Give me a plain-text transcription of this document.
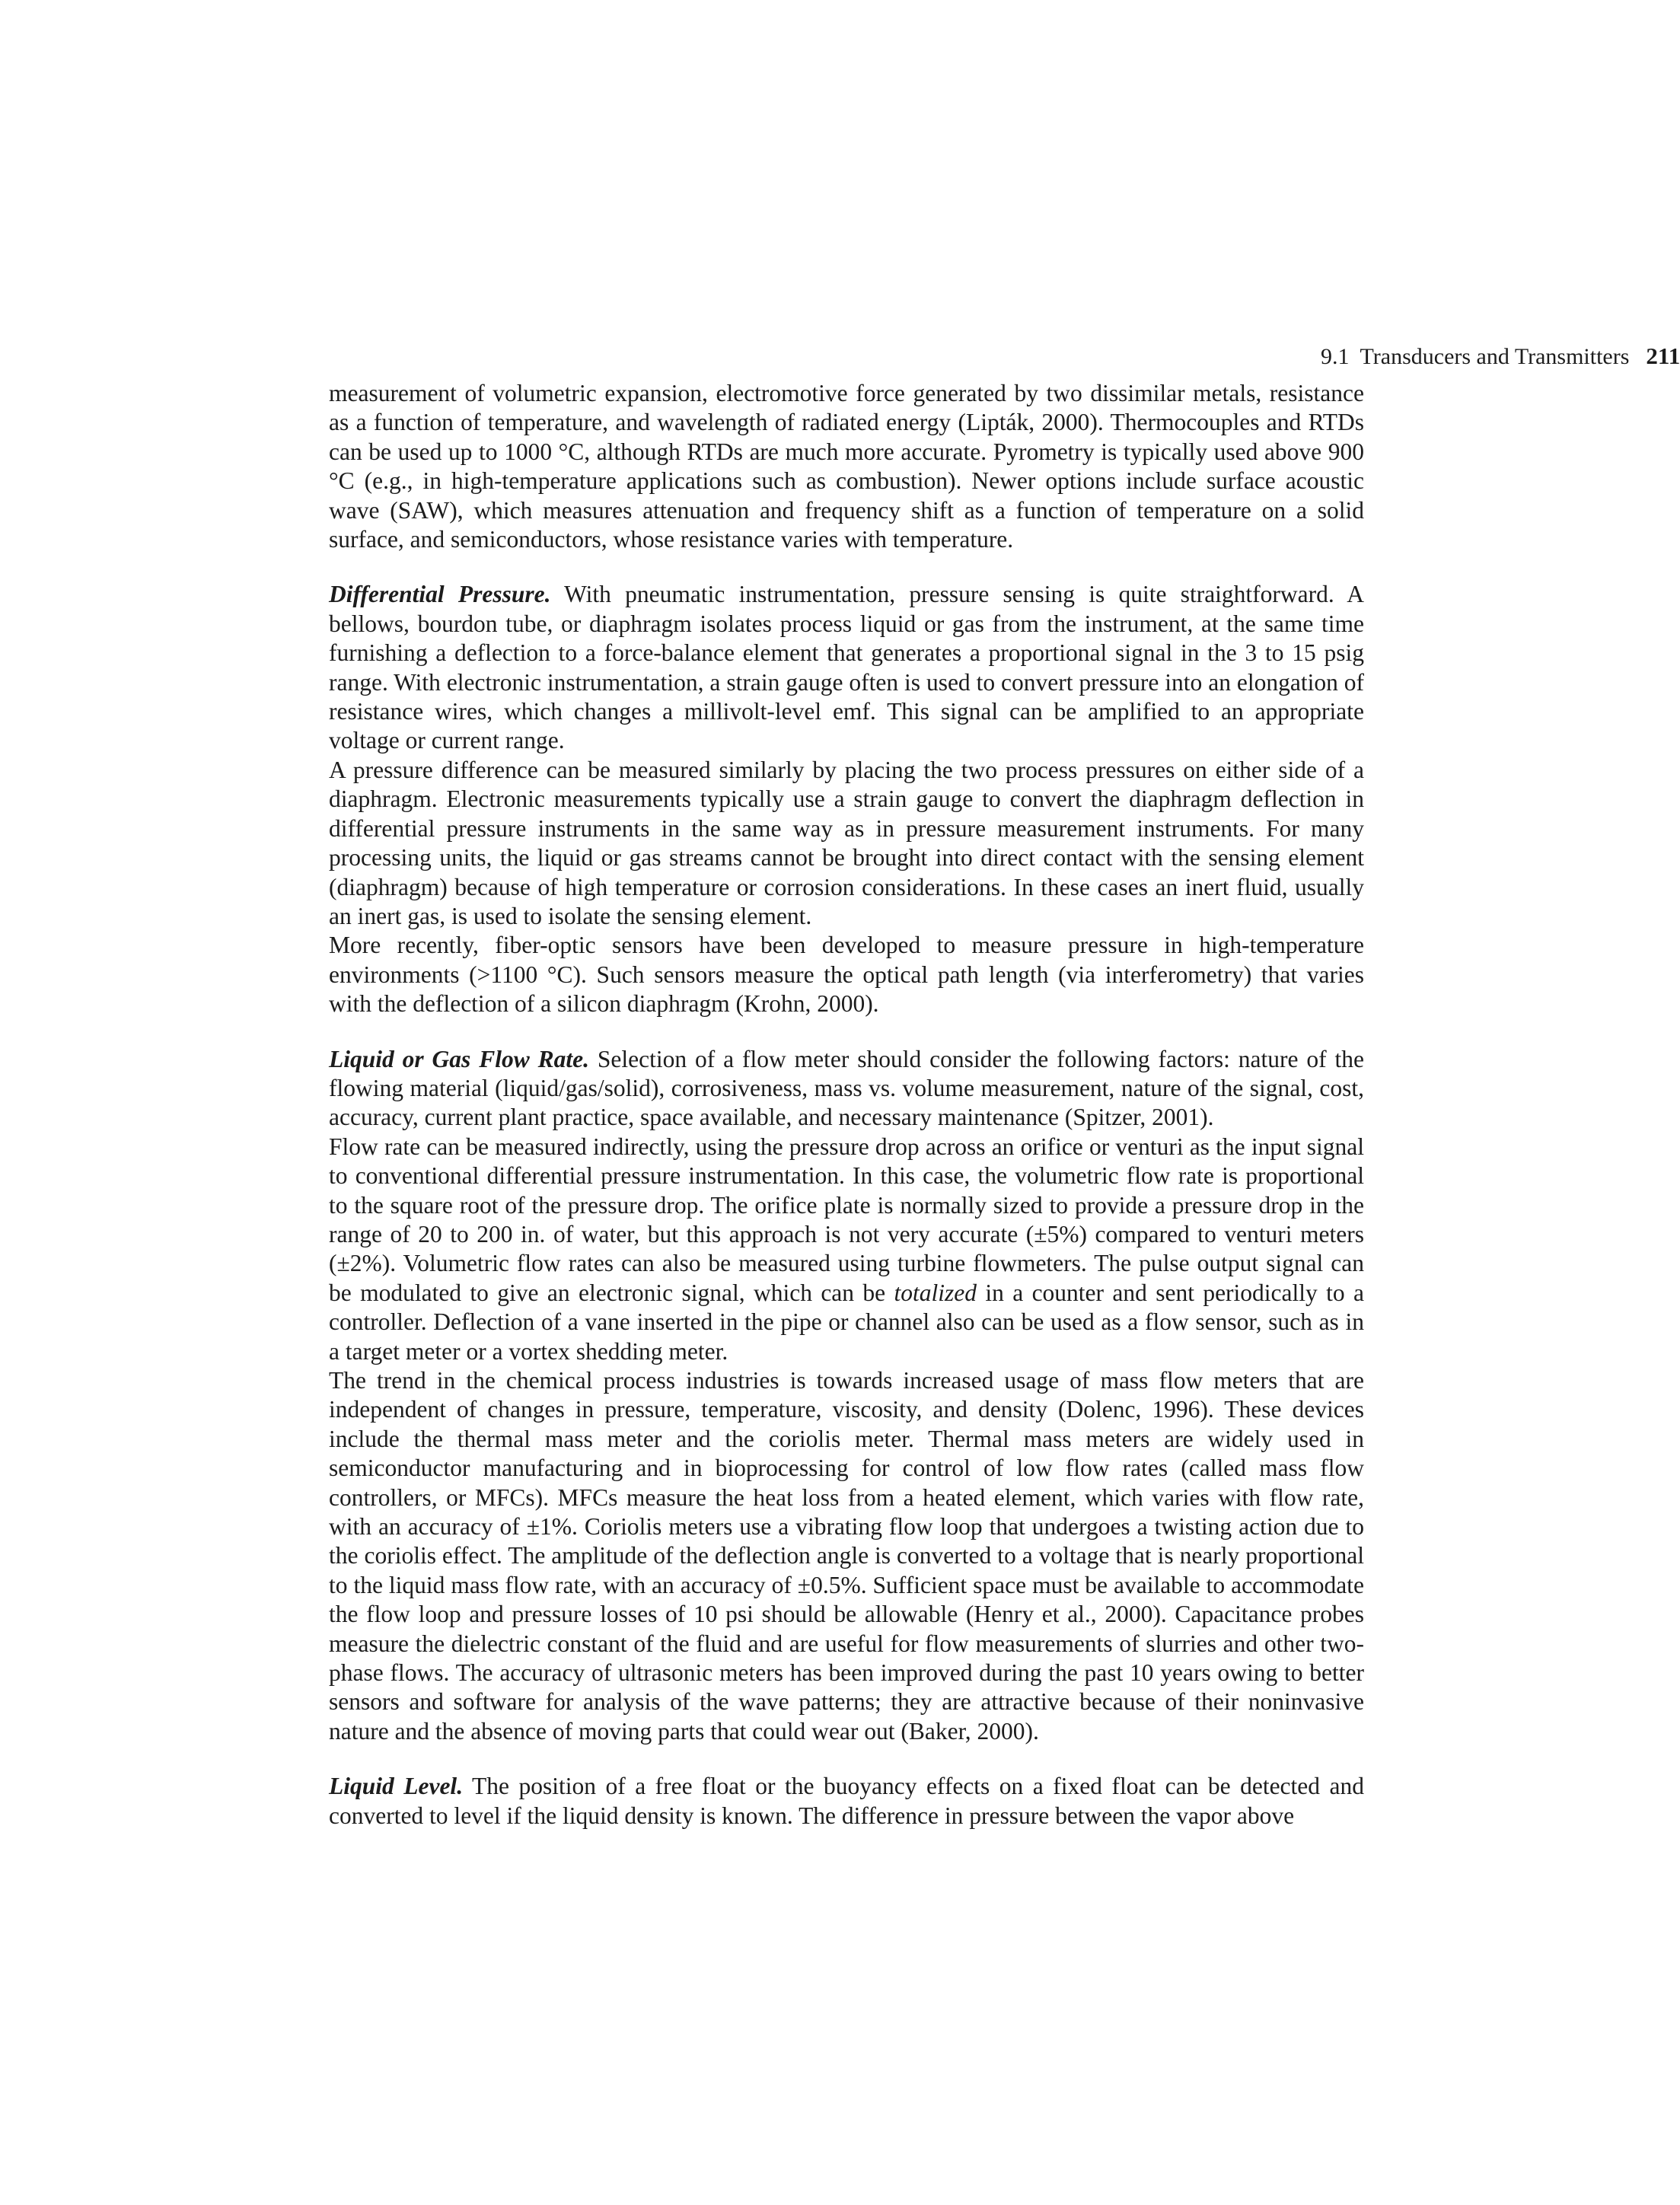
9.1 Transducers and Transmitters 211

measurement of volumetric expansion, electromotive force generated by two dissimilar metals, resistance as a function of temperature, and wavelength of radiated energy (Lipták, 2000). Thermocouples and RTDs can be used up to 1000 °C, although RTDs are much more accurate. Pyrometry is typically used above 900 °C (e.g., in high-temperature applications such as combustion). Newer options include surface acoustic wave (SAW), which measures attenuation and frequency shift as a function of temperature on a solid surface, and semiconductors, whose resistance varies with temperature.

Differential Pressure. With pneumatic instrumentation, pressure sensing is quite straightforward. A bellows, bourdon tube, or diaphragm isolates process liquid or gas from the instrument, at the same time furnishing a deflection to a force-balance element that generates a proportional signal in the 3 to 15 psig range. With electronic instrumentation, a strain gauge often is used to convert pressure into an elongation of resistance wires, which changes a millivolt-level emf. This signal can be amplified to an appropriate voltage or current range.

A pressure difference can be measured similarly by placing the two process pressures on either side of a diaphragm. Electronic measurements typically use a strain gauge to convert the diaphragm deflection in differential pressure instruments in the same way as in pressure measurement instruments. For many processing units, the liquid or gas streams cannot be brought into direct contact with the sensing element (diaphragm) because of high temperature or corrosion considerations. In these cases an inert fluid, usually an inert gas, is used to isolate the sensing element.

More recently, fiber-optic sensors have been developed to measure pressure in high-temperature environments (>1100 °C). Such sensors measure the optical path length (via interferometry) that varies with the deflection of a silicon diaphragm (Krohn, 2000).

Liquid or Gas Flow Rate. Selection of a flow meter should consider the following factors: nature of the flowing material (liquid/gas/solid), corrosiveness, mass vs. volume measurement, nature of the signal, cost, accuracy, current plant practice, space available, and necessary maintenance (Spitzer, 2001).

Flow rate can be measured indirectly, using the pressure drop across an orifice or venturi as the input signal to conventional differential pressure instrumentation. In this case, the volumetric flow rate is proportional to the square root of the pressure drop. The orifice plate is normally sized to provide a pressure drop in the range of 20 to 200 in. of water, but this approach is not very accurate (±5%) compared to venturi meters (±2%). Volumetric flow rates can also be measured using turbine flowmeters. The pulse output signal can be modulated to give an electronic signal, which can be totalized in a counter and sent periodically to a controller. Deflection of a vane inserted in the pipe or channel also can be used as a flow sensor, such as in a target meter or a vortex shedding meter.

The trend in the chemical process industries is towards increased usage of mass flow meters that are independent of changes in pressure, temperature, viscosity, and density (Dolenc, 1996). These devices include the thermal mass meter and the coriolis meter. Thermal mass meters are widely used in semiconductor manufacturing and in bioprocessing for control of low flow rates (called mass flow controllers, or MFCs). MFCs measure the heat loss from a heated element, which varies with flow rate, with an accuracy of ±1%. Coriolis meters use a vibrating flow loop that undergoes a twisting action due to the coriolis effect. The amplitude of the deflection angle is converted to a voltage that is nearly proportional to the liquid mass flow rate, with an accuracy of ±0.5%. Sufficient space must be available to accommodate the flow loop and pressure losses of 10 psi should be allowable (Henry et al., 2000). Capacitance probes measure the dielectric constant of the fluid and are useful for flow measurements of slurries and other two-phase flows. The accuracy of ultrasonic meters has been improved during the past 10 years owing to better sensors and software for analysis of the wave patterns; they are attractive because of their noninvasive nature and the absence of moving parts that could wear out (Baker, 2000).

Liquid Level. The position of a free float or the buoyancy effects on a fixed float can be detected and converted to level if the liquid density is known. The difference in pressure between the vapor above
